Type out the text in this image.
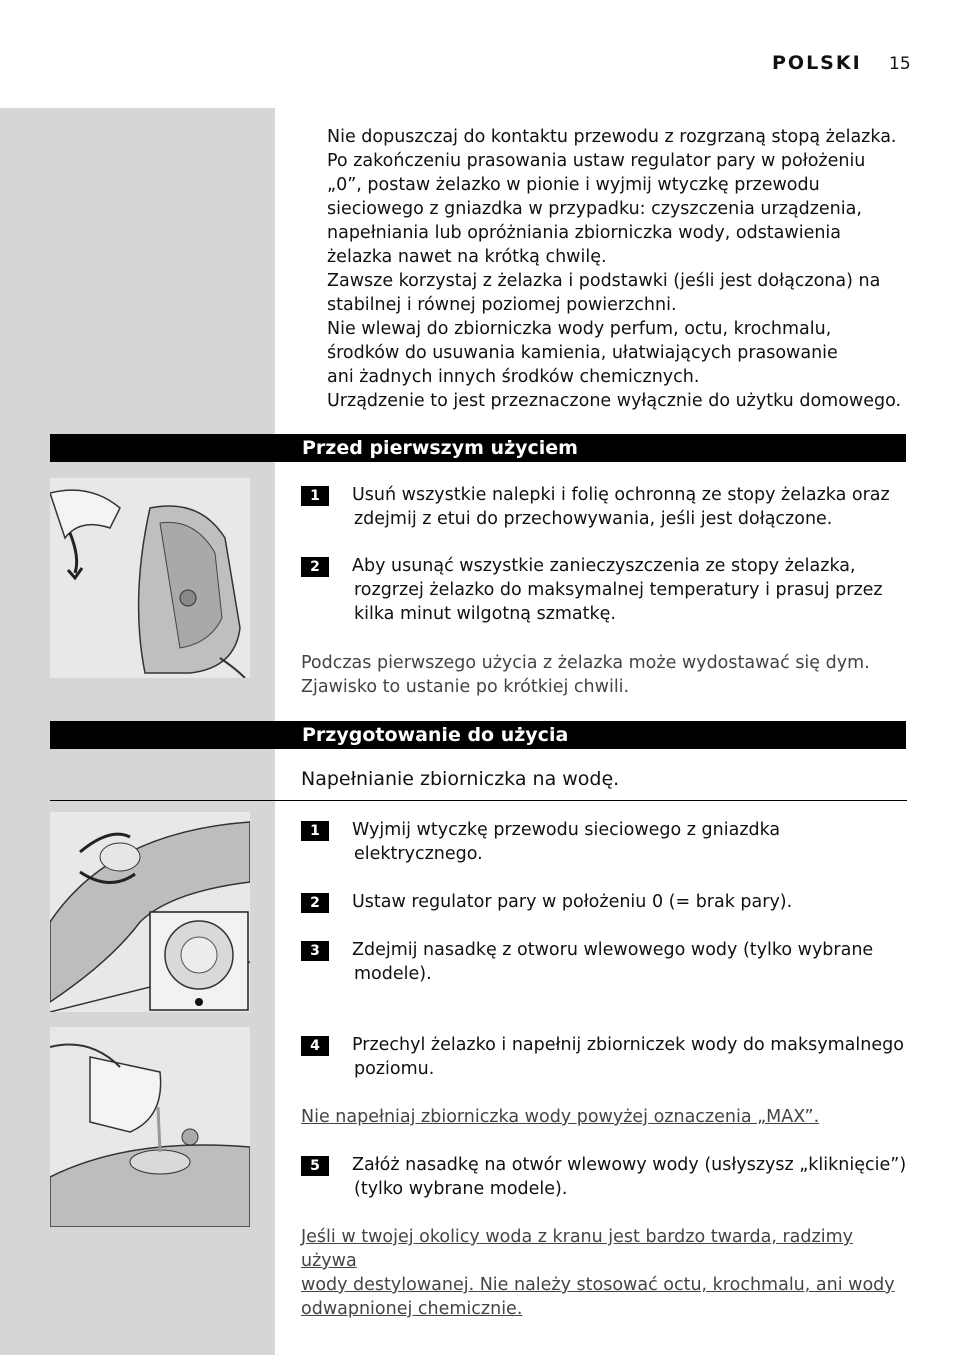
POLSKI 15

Nie dopuszczaj do kontaktu przewodu z rozgrzaną stopą żelazka.

Po zakończeniu prasowania ustaw regulator pary w położeniu „0”, postaw żelazko w pionie i wyjmij wtyczkę przewodu sieciowego z gniazdka w przypadku: czyszczenia urządzenia, napełniania lub opróżniania zbiorniczka wody, odstawienia żelazka nawet na krótką chwilę.

Zawsze korzystaj z żelazka i podstawki (jeśli jest dołączona) na stabilnej i równej poziomej powierzchni.

Nie wlewaj do zbiorniczka wody perfum, octu, krochmalu, środków do usuwania kamienia, ułatwiających prasowanie ani żadnych innych środków chemicznych.

Urządzenie to jest przeznaczone wyłącznie do użytku domowego.

Przed pierwszym użyciem
1	Usuń wszystkie nalepki i folię ochronną ze stopy żelazka oraz
zdejmij z etui do przechowywania, jeśli jest dołączone.
2	Aby usunąć wszystkie zanieczyszczenia ze stopy żelazka,
rozgrzej żelazko do maksymalnej temperatury i prasuj przez kilka minut wilgotną szmatkę.
Podczas pierwszego użycia z żelazka może wydostawać się dym.
Zjawisko to ustanie po krótkiej chwili.
Przygotowanie do użycia
Napełnianie zbiorniczka na wodę.
1	Wyjmij wtyczkę przewodu sieciowego z gniazdka
elektrycznego.
2	Ustaw regulator pary w położeniu 0 (= brak pary).
3	Zdejmij nasadkę z otworu wlewowego wody (tylko wybrane
modele).
4	Przechyl żelazko i napełnij zbiorniczek wody do maksymalnego
poziomu.
Nie napełniaj zbiorniczka wody powyżej oznaczenia „MAX”.
5	Załóż nasadkę na otwór wlewowy wody (usłyszysz „kliknięcie”)
(tylko wybrane modele).
Jeśli w twojej okolicy woda z kranu jest bardzo twarda, radzimy używa
wody destylowanej. Nie należy stosować octu, krochmalu, ani wody
odwapnionej chemicznie.
